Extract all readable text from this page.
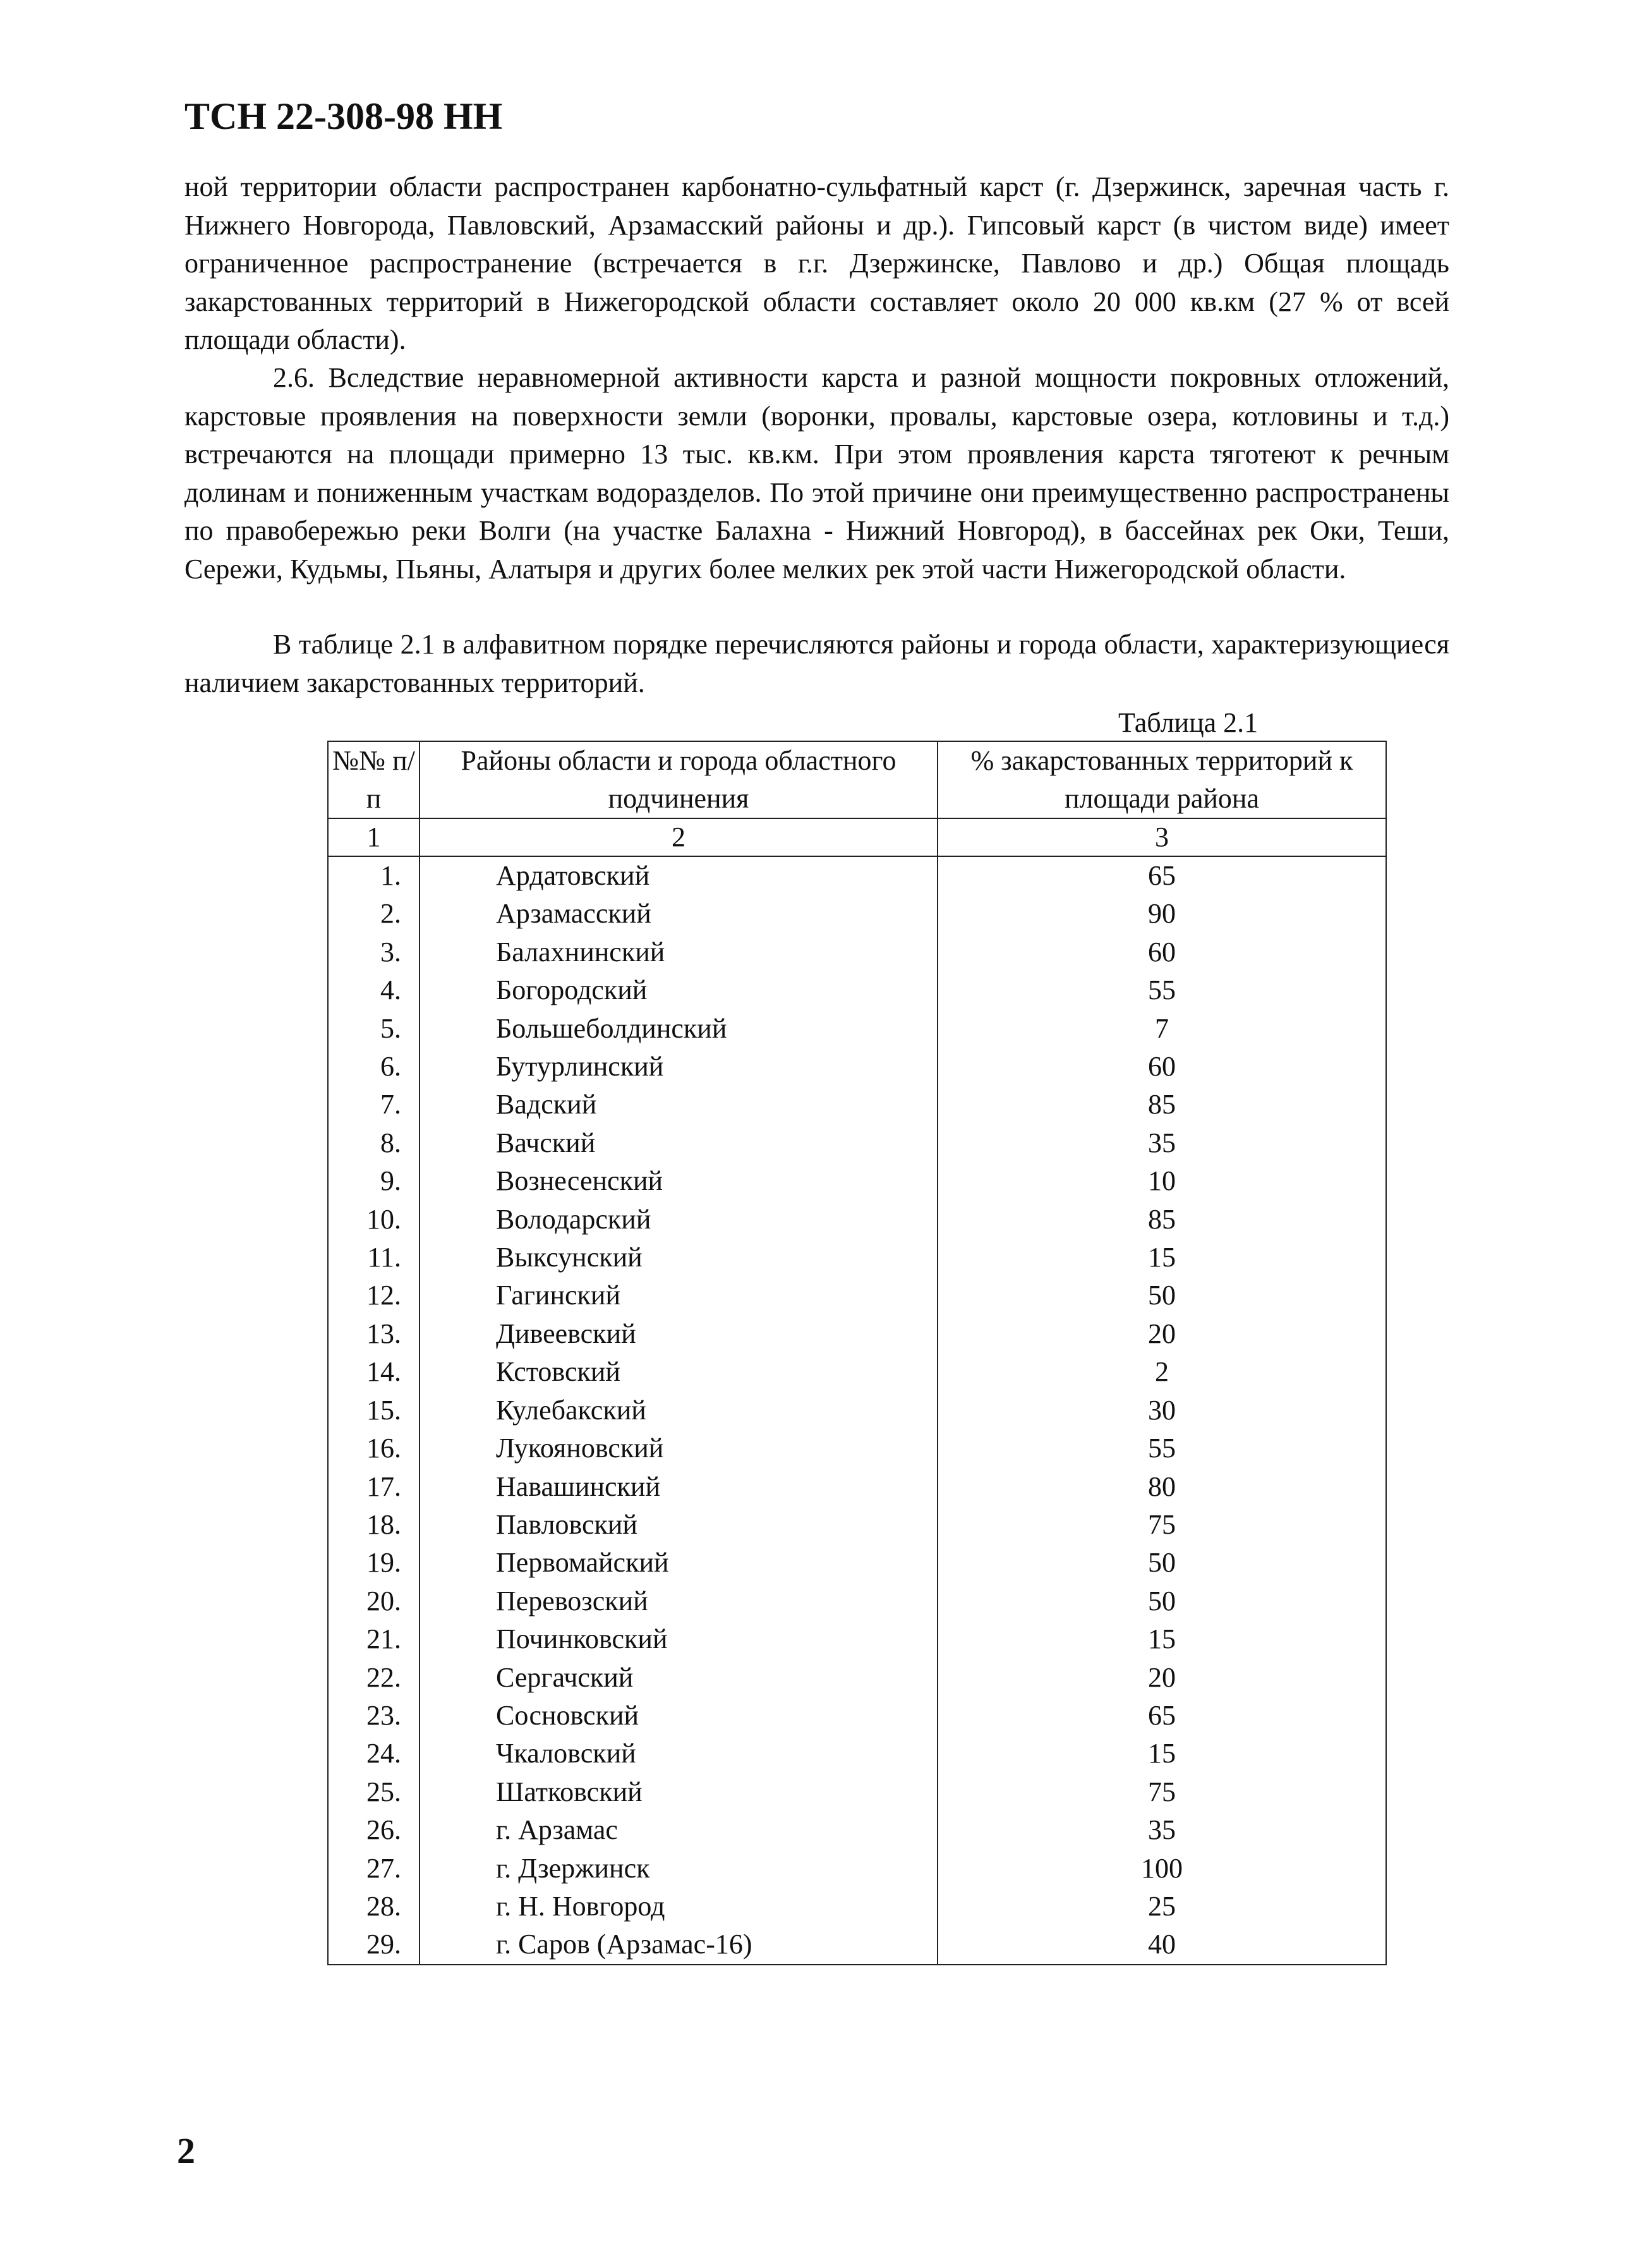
ТСН 22-308-98 НН

ной территории области распространен карбонатно-сульфатный карст (г. Дзержинск, заречная часть г. Нижнего Новгорода, Павловский, Арзамасский районы и др.). Гипсовый карст (в чистом виде) имеет ограниченное распространение (встречается в г.г. Дзержинске, Павлово и др.) Общая площадь закарстованных территорий в Нижегородской области составляет около 20 000 кв.км (27 % от всей площади области).

2.6. Вследствие неравномерной активности карста и разной мощности покровных отложений, карстовые проявления на поверхности земли (воронки, провалы, карстовые озера, котловины и т.д.) встречаются на площади примерно 13 тыс. кв.км. При этом проявления карста тяготеют к речным долинам и пониженным участкам водоразделов. По этой причине они преимущественно распространены по правобережью реки Волги (на участке Балахна - Нижний Новгород), в бассейнах рек Оки, Теши, Сережи, Кудьмы, Пьяны, Алатыря и других более мелких рек этой части Нижегородской области.

В таблице 2.1 в алфавитном порядке перечисляются районы и города области, характеризующиеся наличием закарстованных территорий.

Таблица 2.1
№№ п/п	Районы области и города областного подчинения	% закарстованных территорий к площади района
1	2	3
1.	Ардатовский	65
2.	Арзамасский	90
3.	Балахнинский	60
4.	Богородский	55
5.	Большеболдинский	7
6.	Бутурлинский	60
7.	Вадский	85
8.	Вачский	35
9.	Вознесенский	10
10.	Володарский	85
11.	Выксунский	15
12.	Гагинский	50
13.	Дивеевский	20
14.	Кстовский	2
15.	Кулебакский	30
16.	Лукояновский	55
17.	Навашинский	80
18.	Павловский	75
19.	Первомайский	50
20.	Перевозский	50
21.	Починковский	15
22.	Сергачский	20
23.	Сосновский	65
24.	Чкаловский	15
25.	Шатковский	75
26.	г. Арзамас	35
27.	г. Дзержинск	100
28.	г. Н. Новгород	25
29.	г. Саров (Арзамас-16)	40
2
